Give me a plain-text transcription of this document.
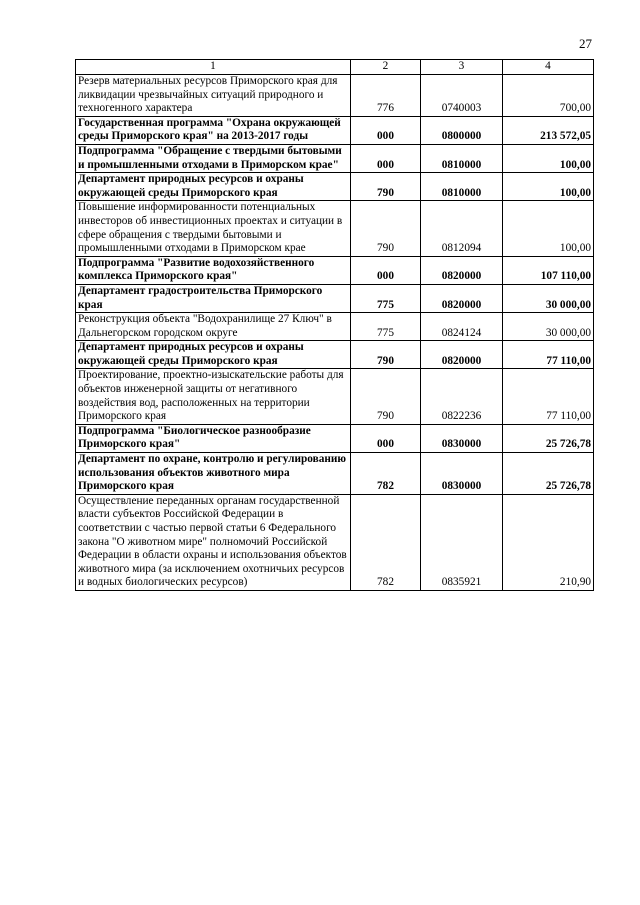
27
1	2	3	4
Резерв материальных ресурсов Приморского края для ликвидации чрезвычайных ситуаций природного и техногенного характера	776	0740003	700,00
Государственная программа "Охрана окружающей среды Приморского края" на 2013-2017 годы	000	0800000	213 572,05
Подпрограмма "Обращение с твердыми бытовыми и промышленными отходами в Приморском крае"	000	0810000	100,00
Департамент природных ресурсов и охраны окружающей среды Приморского края	790	0810000	100,00
Повышение информированности потенциальных инвесторов об инвестиционных проектах и ситуации в сфере обращения с твердыми бытовыми и промышленными отходами в Приморском крае	790	0812094	100,00
Подпрограмма "Развитие водохозяйственного комплекса Приморского края"	000	0820000	107 110,00
Департамент градостроительства Приморского края	775	0820000	30 000,00
Реконструкция объекта "Водохранилище 27 Ключ" в Дальнегорском городском округе	775	0824124	30 000,00
Департамент природных ресурсов и охраны окружающей среды Приморского края	790	0820000	77 110,00
Проектирование, проектно-изыскательские работы для объектов инженерной защиты от негативного воздействия вод, расположенных на территории Приморского края	790	0822236	77 110,00
Подпрограмма "Биологическое разнообразие Приморского края"	000	0830000	25 726,78
Департамент по охране, контролю и регулированию использования объектов животного мира Приморского края	782	0830000	25 726,78
Осуществление переданных органам государственной власти субъектов Российской Федерации в соответствии с частью первой статьи 6 Федерального закона "О животном мире" полномочий Российской Федерации в области охраны и использования объектов животного мира (за исключением охотничьих ресурсов и водных биологических ресурсов)	782	0835921	210,90
